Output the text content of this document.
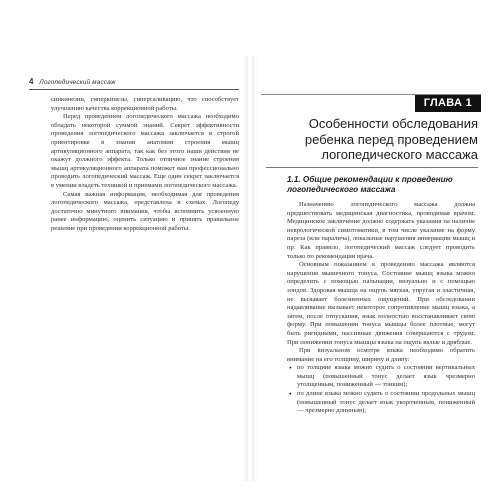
4 Логопедический массаж

синкинезии, гиперкинезы, гиперсаливацию, что способствует улучшению качества коррекционной работы.

Перед проведением логопедического массажа необходимо обладать некоторой суммой знаний. Секрет эффективности проведения логопедического массажа заключается в строгой ориентировке в знании анатомии строения мышц артикуляционного аппарата, так как без этого наши действия не окажут должного эффекта. Только отличное знание строения мышц артикуляционного аппарата поможет вам профессионально проводить логопедический массаж. Еще один секрет заключается в умении владеть техникой и приемами логопедического массажа.

Самая важная информация, необходимая для проведения логопедического массажа, представлена в схемах. Логопеду достаточно минутного внимания, чтобы вспомнить усвоенную ранее информацию, оценить ситуацию и принять правильное решение при проведении коррекционной работы.

ГЛАВА 1
Особенности обследования ребенка перед проведением логопедического массажа
1.1. Общие рекомендации к проведению логопедического массажа

Назначению логопедического массажа должна предшествовать медицинская диагностика, проводимая врачом. Медицинское заключение должно содержать указания на наличие неврологической симптоматики, в том числе указание на форму пареза (или паралича), локальные нарушения иннервации мышц и пр. Как правило, логопедический массаж следует проводить только по рекомендации врача.

Основным показанием к проведению массажа являются нарушения мышечного тонуса. Состояние мышц языка можно определить с помощью пальпации, визуально и с помощью зондов. Здоровая мышца на ощупь мягкая, упругая и эластичная, не вызывает болезненных ощущений. При обследовании надавливание вызывает некоторое сопротивление мышц языка, а затем, после отпускания, язык полностью восстанавливает свою форму. При повышении тонуса мышцы более плотные, могут быть ригидными, пассивные движения совершаются с трудом. При понижении тонуса мышцы языка на ощупь вялые и дряблые.

При визуальном осмотре языка необходимо обратить внимание на его толщину, ширину и длину:

● по толщине языка можно судить о состоянии вертикальных мышц (повышенный тонус делает язык чрезмерно утолщенным, пониженный — тонким);
● по длине языка можно судить о состоянии продольных мышц (повышенный тонус делает язык укороченным, пониженный — чрезмерно длинным);
